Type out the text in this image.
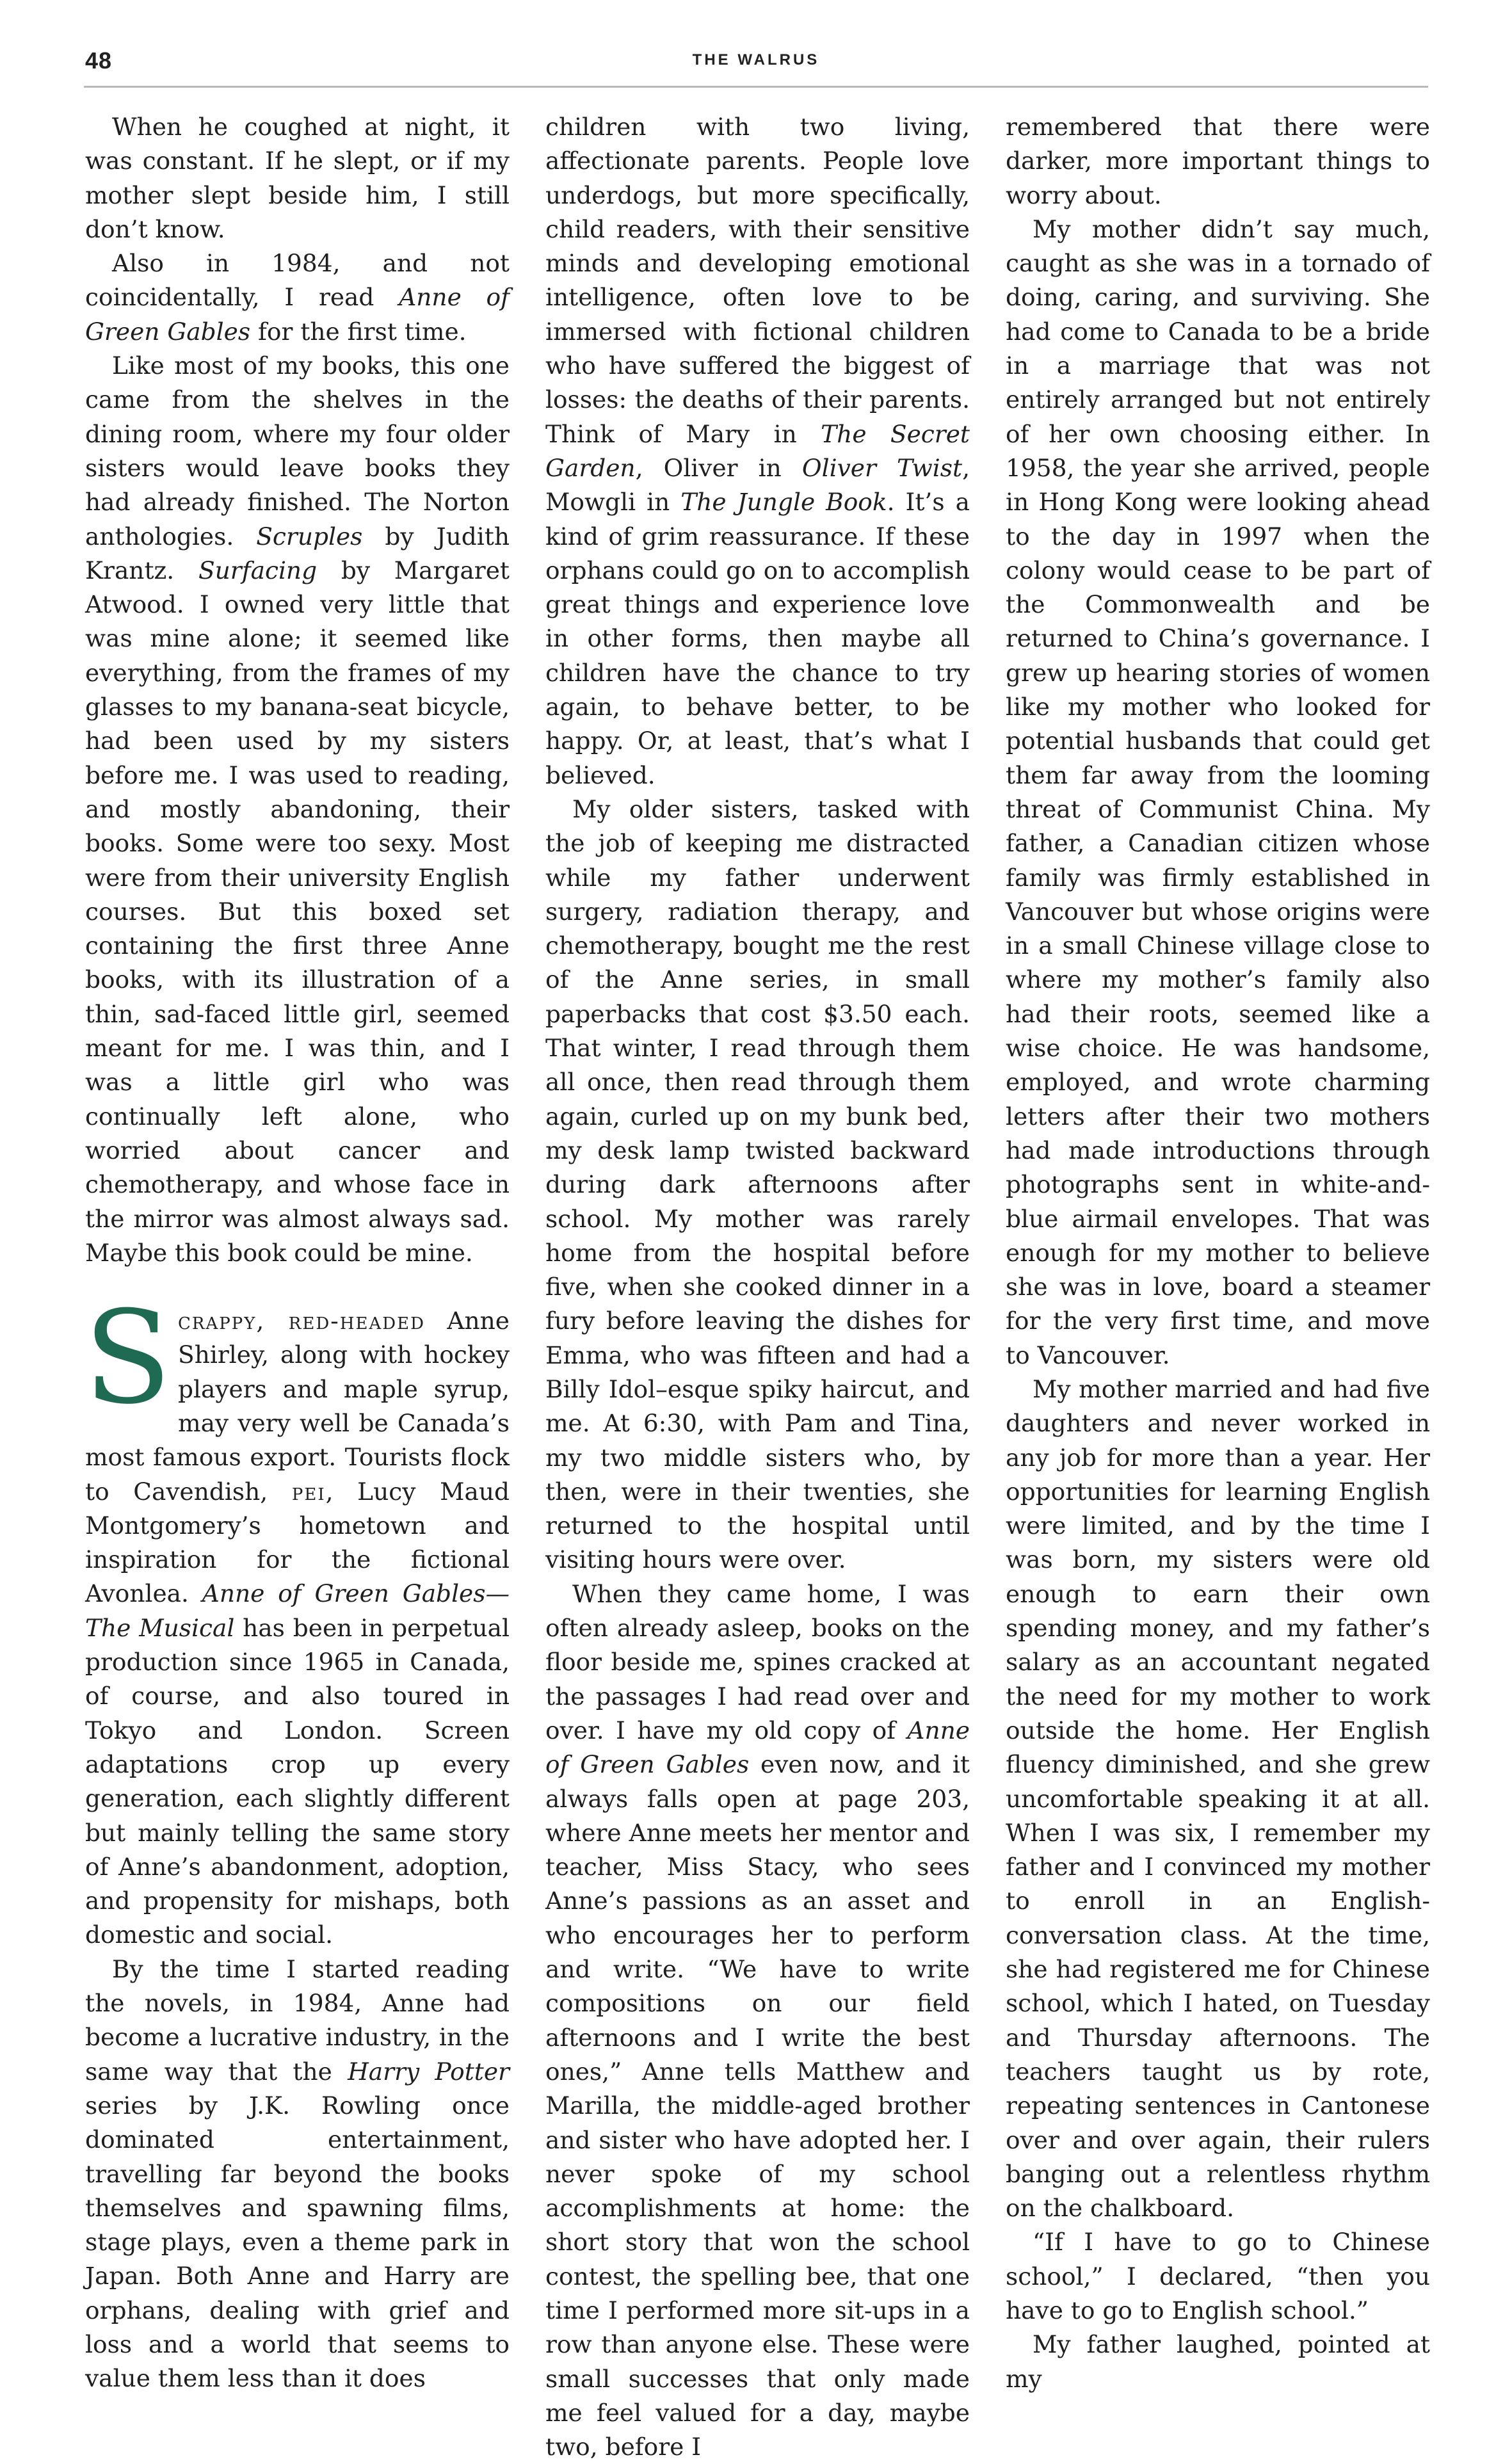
48	THE WALRUS

When he coughed at night, it was constant. If he slept, or if my mother slept beside him, I still don’t know.

Also in 1984, and not coincidentally, I read Anne of Green Gables for the first time.

Like most of my books, this one came from the shelves in the dining room, where my four older sisters would leave books they had already finished. The Norton anthologies. Scruples by Judith Krantz. Surfacing by Margaret Atwood. I owned very little that was mine alone; it seemed like everything, from the frames of my glasses to my banana-seat bicycle, had been used by my sisters before me. I was used to reading, and mostly abandoning, their books. Some were too sexy. Most were from their university English courses. But this boxed set containing the first three Anne books, with its illustration of a thin, sad-faced little girl, seemed meant for me. I was thin, and I was a little girl who was continually left alone, who worried about cancer and chemotherapy, and whose face in the mirror was almost always sad. Maybe this book could be mine.

Scrappy, red-headed Anne Shirley, along with hockey players and maple syrup, may very well be Canada’s most famous export. Tourists flock to Cavendish, pei, Lucy Maud Montgomery’s hometown and inspiration for the fictional Avonlea. Anne of Green Gables—The Musical has been in perpetual production since 1965 in Canada, of course, and also toured in Tokyo and London. Screen adaptations crop up every generation, each slightly different but mainly telling the same story of Anne’s abandonment, adoption, and propensity for mishaps, both domestic and social.

By the time I started reading the novels, in 1984, Anne had become a lucrative industry, in the same way that the Harry Potter series by J.K. Rowling once dominated entertainment, travelling far beyond the books themselves and spawning films, stage plays, even a theme park in Japan. Both Anne and Harry are orphans, dealing with grief and loss and a world that seems to value them less than it does

children with two living, affectionate parents. People love underdogs, but more specifically, child readers, with their sensitive minds and developing emotional intelligence, often love to be immersed with fictional children who have suffered the biggest of losses: the deaths of their parents. Think of Mary in The Secret Garden, Oliver in Oliver Twist, Mowgli in The Jungle Book. It’s a kind of grim reassurance. If these orphans could go on to accomplish great things and experience love in other forms, then maybe all children have the chance to try again, to behave better, to be happy. Or, at least, that’s what I believed.

My older sisters, tasked with the job of keeping me distracted while my father underwent surgery, radiation therapy, and chemotherapy, bought me the rest of the Anne series, in small paperbacks that cost $3.50 each. That winter, I read through them all once, then read through them again, curled up on my bunk bed, my desk lamp twisted backward during dark afternoons after school. My mother was rarely home from the hospital before five, when she cooked dinner in a fury before leaving the dishes for Emma, who was fifteen and had a Billy Idol–esque spiky haircut, and me. At 6:30, with Pam and Tina, my two middle sisters who, by then, were in their twenties, she returned to the hospital until visiting hours were over.

When they came home, I was often already asleep, books on the floor beside me, spines cracked at the passages I had read over and over. I have my old copy of Anne of Green Gables even now, and it always falls open at page 203, where Anne meets her mentor and teacher, Miss Stacy, who sees Anne’s passions as an asset and who encourages her to perform and write. “We have to write compositions on our field afternoons and I write the best ones,” Anne tells Matthew and Marilla, the middle-aged brother and sister who have adopted her. I never spoke of my school accomplishments at home: the short story that won the school contest, the spelling bee, that one time I performed more sit-ups in a row than anyone else. These were small successes that only made me feel valued for a day, maybe two, before I

remembered that there were darker, more important things to worry about.

My mother didn’t say much, caught as she was in a tornado of doing, caring, and surviving. She had come to Canada to be a bride in a marriage that was not entirely arranged but not entirely of her own choosing either. In 1958, the year she arrived, people in Hong Kong were looking ahead to the day in 1997 when the colony would cease to be part of the Commonwealth and be returned to China’s governance. I grew up hearing stories of women like my mother who looked for potential husbands that could get them far away from the looming threat of Communist China. My father, a Canadian citizen whose family was firmly established in Vancouver but whose origins were in a small Chinese village close to where my mother’s family also had their roots, seemed like a wise choice. He was handsome, employed, and wrote charming letters after their two mothers had made introductions through photographs sent in white-and-blue airmail envelopes. That was enough for my mother to believe she was in love, board a steamer for the very first time, and move to Vancouver.

My mother married and had five daughters and never worked in any job for more than a year. Her opportunities for learning English were limited, and by the time I was born, my sisters were old enough to earn their own spending money, and my father’s salary as an accountant negated the need for my mother to work outside the home. Her English fluency diminished, and she grew uncomfortable speaking it at all. When I was six, I remember my father and I convinced my mother to enroll in an English-conversation class. At the time, she had registered me for Chinese school, which I hated, on Tuesday and Thursday afternoons. The teachers taught us by rote, repeating sentences in Cantonese over and over again, their rulers banging out a relentless rhythm on the chalkboard.

“If I have to go to Chinese school,” I declared, “then you have to go to English school.”

My father laughed, pointed at my
